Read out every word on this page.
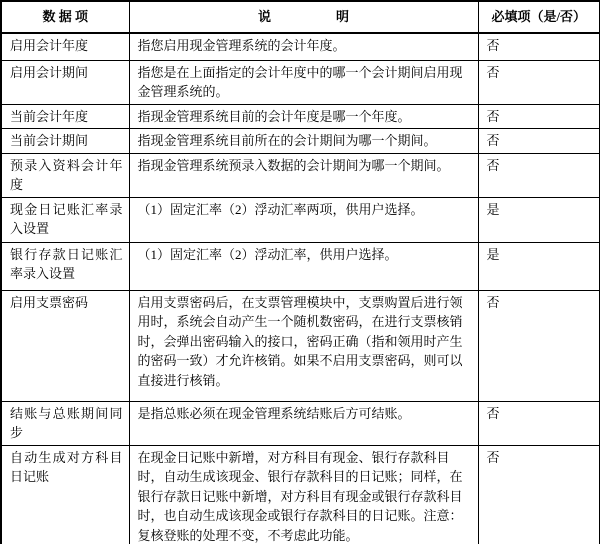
数 据 项	说　　　　　明	必填项（是/否）
启用会计年度	指您启用现金管理系统的会计年度。	否
启用会计期间	指您是在上面指定的会计年度中的哪一个会计期间启用现金管理系统的。	否
当前会计年度	指现金管理系统目前的会计年度是哪一个年度。	否
当前会计期间	指现金管理系统目前所在的会计期间为哪一个期间。	否
预录入资料会计年度	指现金管理系统预录入数据的会计期间为哪一个期间。	否
现金日记账汇率录入设置	（1）固定汇率（2）浮动汇率两项，供用户选择。	是
银行存款日记账汇率录入设置	（1）固定汇率（2）浮动汇率，供用户选择。	是
启用支票密码	启用支票密码后，在支票管理模块中，支票购置后进行领用时，系统会自动产生一个随机数密码，在进行支票核销时，会弹出密码输入的接口，密码正确（指和领用时产生的密码一致）才允许核销。如果不启用支票密码，则可以直接进行核销。	否
结账与总账期间同步	是指总账必须在现金管理系统结账后方可结账。	否
自动生成对方科目日记账	在现金日记账中新增，对方科目有现金、银行存款科目时，自动生成该现金、银行存款科目的日记账；同样，在银行存款日记账中新增，对方科目有现金或银行存款科目时，也自动生成该现金或银行存款科目的日记账。注意：复核登账的处理不变，不考虑此功能。	否
